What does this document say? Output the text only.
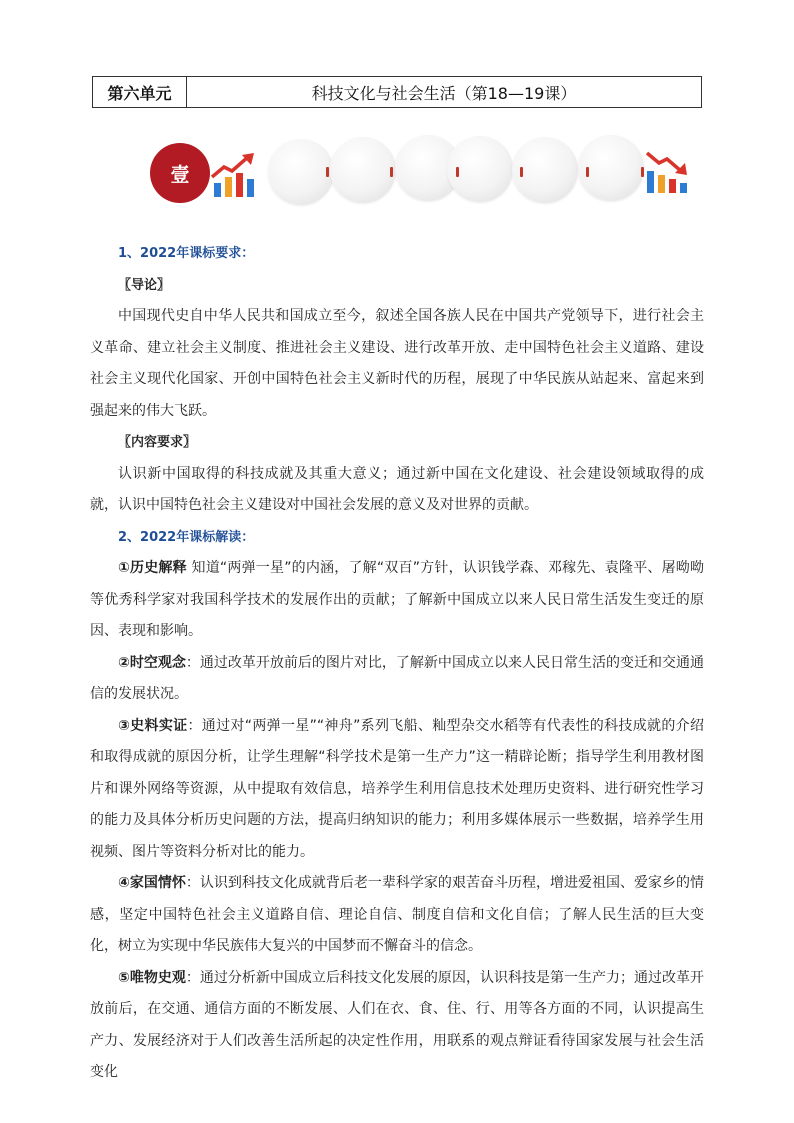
第六单元	科技文化与社会生活（第18—19课）
壹

1、2022年课标要求：

〖导论〗

中国现代史自中华人民共和国成立至今，叙述全国各族人民在中国共产党领导下，进行社会主义革命、建立社会主义制度、推进社会主义建设、进行改革开放、走中国特色社会主义道路、建设社会主义现代化国家、开创中国特色社会主义新时代的历程，展现了中华民族从站起来、富起来到强起来的伟大飞跃。

〖内容要求〗

认识新中国取得的科技成就及其重大意义；通过新中国在文化建设、社会建设领域取得的成就，认识中国特色社会主义建设对中国社会发展的意义及对世界的贡献。

2、2022年课标解读：

①历史解释 知道“两弹一星”的内涵，了解“双百”方针，认识钱学森、邓稼先、袁隆平、屠呦呦等优秀科学家对我国科学技术的发展作出的贡献；了解新中国成立以来人民日常生活发生变迁的原因、表现和影响。

②时空观念：通过改革开放前后的图片对比，了解新中国成立以来人民日常生活的变迁和交通通信的发展状况。

③史料实证：通过对“两弹一星”“神舟”系列飞船、籼型杂交水稻等有代表性的科技成就的介绍和取得成就的原因分析，让学生理解“科学技术是第一生产力”这一精辟论断；指导学生利用教材图片和课外网络等资源，从中提取有效信息，培养学生利用信息技术处理历史资料、进行研究性学习的能力及具体分析历史问题的方法，提高归纳知识的能力；利用多媒体展示一些数据，培养学生用视频、图片等资料分析对比的能力。

④家国情怀：认识到科技文化成就背后老一辈科学家的艰苦奋斗历程，增进爱祖国、爱家乡的情感，坚定中国特色社会主义道路自信、理论自信、制度自信和文化自信；了解人民生活的巨大变化，树立为实现中华民族伟大复兴的中国梦而不懈奋斗的信念。

⑤唯物史观：通过分析新中国成立后科技文化发展的原因，认识科技是第一生产力；通过改革开放前后，在交通、通信方面的不断发展、人们在衣、食、住、行、用等各方面的不同，认识提高生产力、发展经济对于人们改善生活所起的决定性作用，用联系的观点辩证看待国家发展与社会生活变化
